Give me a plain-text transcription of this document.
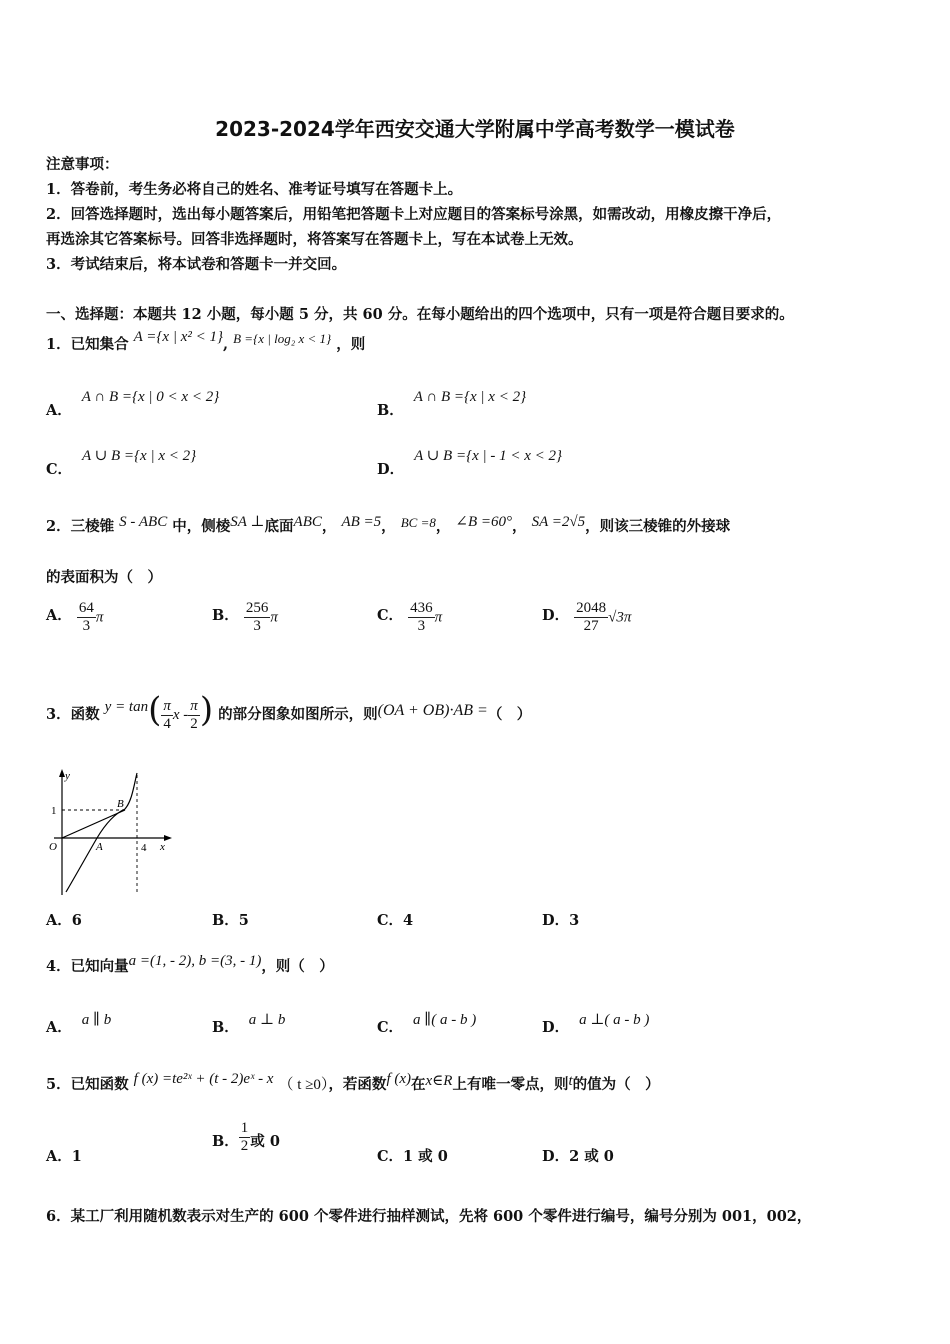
2023-2024学年西安交通大学附属中学高考数学一模试卷
注意事项：
1．答卷前，考生务必将自己的姓名、准考证号填写在答题卡上。
2．回答选择题时，选出每小题答案后，用铅笔把答题卡上对应题目的答案标号涂黑，如需改动，用橡皮擦干净后，
再选涂其它答案标号。回答非选择题时，将答案写在答题卡上，写在本试卷上无效。
3．考试结束后，将本试卷和答题卡一并交回。
一、选择题：本题共 12 小题，每小题 5 分，共 60 分。在每小题给出的四个选项中，只有一项是符合题目要求的。
1．已知集合 A ={x | x² < 1}, B ={x | log₂ x < 1} ，则
A．A ∩ B ={x | 0 < x < 2}
B．A ∩ B ={x | x < 2}
C．A ∪ B ={x | x < 2}
D．A ∪ B ={x | - 1 < x < 2}
2．三棱锥 S - ABC 中，侧棱SA ⊥底面ABC， AB =5， BC =8， ∠B =60°， SA =2√5，则该三棱锥的外接球
的表面积为（　）
A． $\frac{64}{3}$ π	B． $\frac{256}{3}$ π	C． $\frac{436}{3}$ π	D． $\frac{2048}{27} √3\pi$
3．函数 $y = \tan( \frac{\pi}{4}$ x - $\frac{\pi}{2}$ ) 的部分图象如图所示，则(OA + OB)·AB =（　）
y
x
1
O	A
B
4
A．6	B．5	C．4	D．3
4．已知向量a =(1, - 2), b =(3, - 1)，则（　）
A． a ∥ b	B． a ⊥ b	C． a ∥( a - b )	D． a ⊥( a - b )
5．已知函数 f (x) =te²ˣ + (t - 2)eˣ - x （ t ≥0），若函数f (x)在x∈R上有唯一零点，则t的值为（　）
A．1
B． $\frac{1}{2}$ 或 0
C．1 或 0	D．2 或 0
6．某工厂利用随机数表示对生产的 600 个零件进行抽样测试，先将 600 个零件进行编号，编号分别为 001，002，
